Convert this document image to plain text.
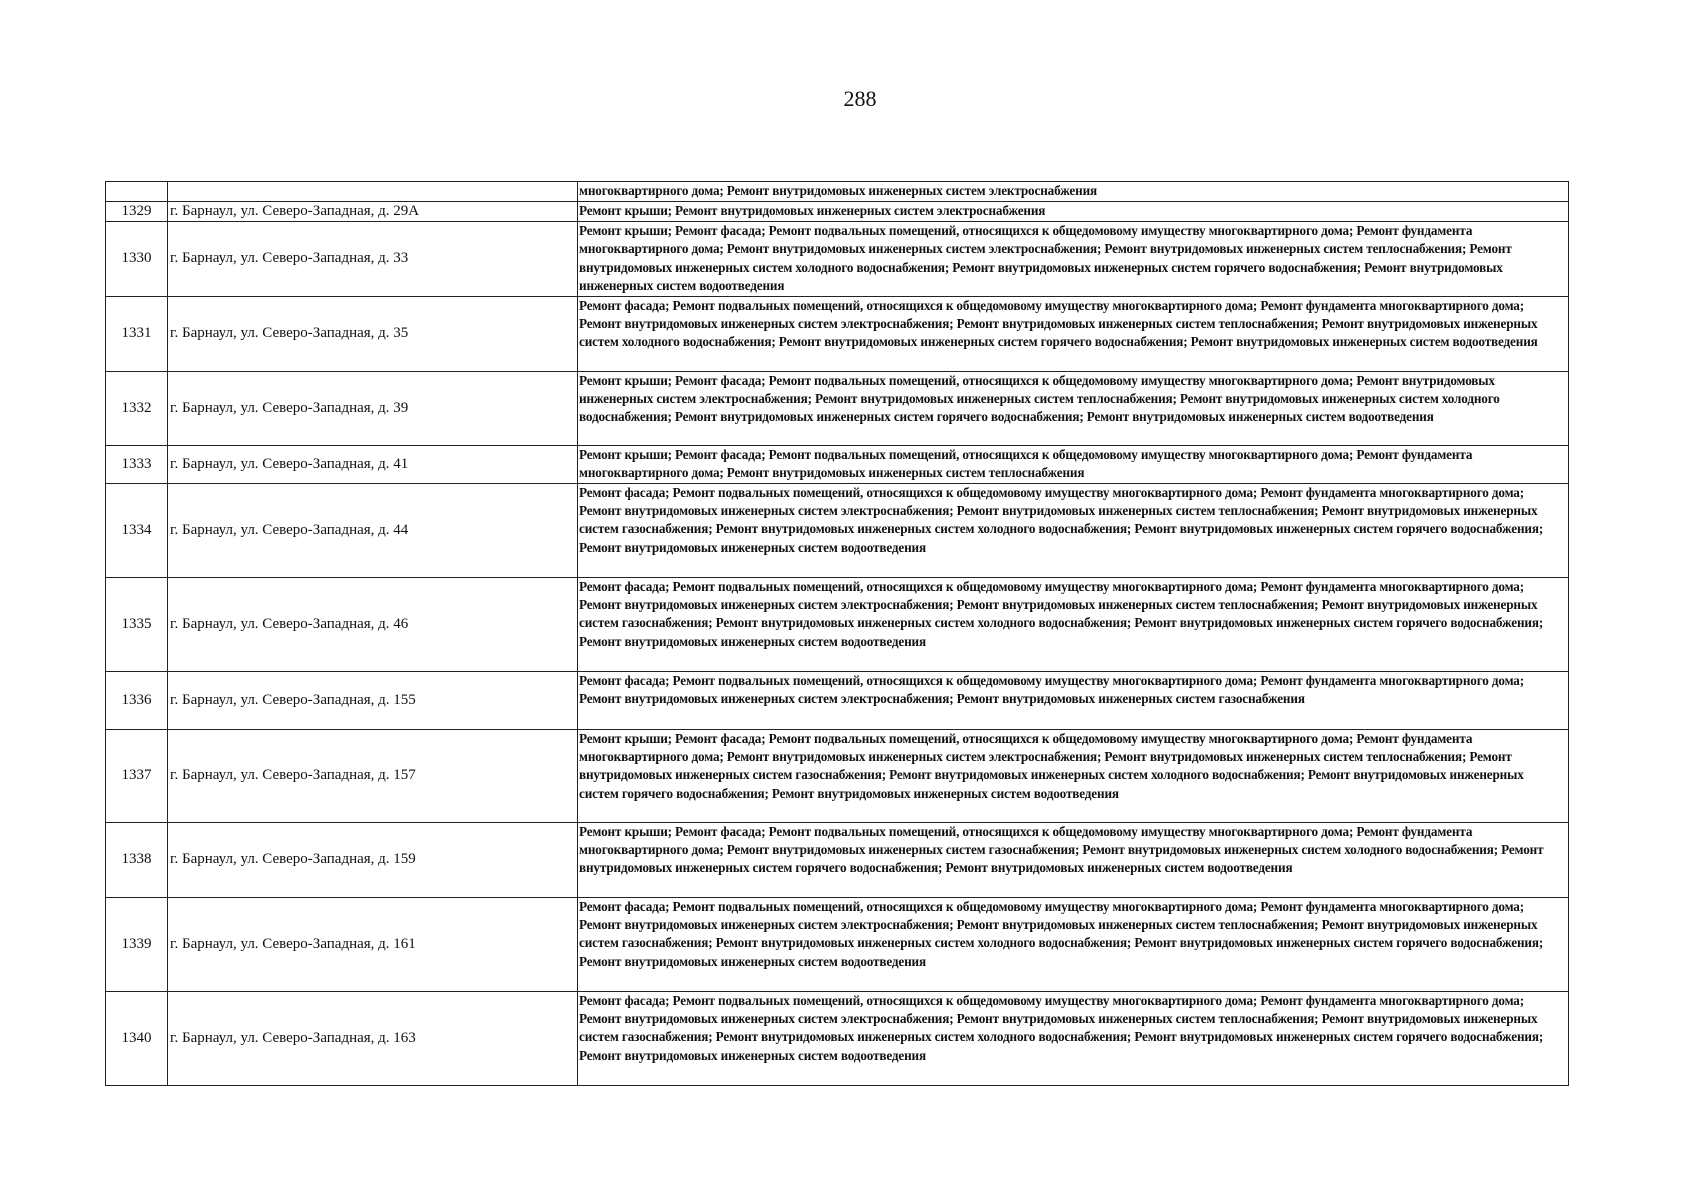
288
		многоквартирного дома; Ремонт внутридомовых инженерных систем электроснабжения
1329	г. Барнаул, ул. Северо-Западная, д. 29А	Ремонт крыши; Ремонт внутридомовых инженерных систем электроснабжения
1330	г. Барнаул, ул. Северо-Западная, д. 33	Ремонт крыши; Ремонт фасада; Ремонт подвальных помещений, относящихся к общедомовому имуществу многоквартирного дома; Ремонт фундамента многоквартирного дома; Ремонт внутридомовых инженерных систем электроснабжения; Ремонт внутридомовых инженерных систем теплоснабжения; Ремонт внутридомовых инженерных систем холодного водоснабжения; Ремонт внутридомовых инженерных систем горячего водоснабжения; Ремонт внутридомовых инженерных систем водоотведения
1331	г. Барнаул, ул. Северо-Западная, д. 35	Ремонт фасада; Ремонт подвальных помещений, относящихся к общедомовому имуществу многоквартирного дома; Ремонт фундамента многоквартирного дома; Ремонт внутридомовых инженерных систем электроснабжения; Ремонт внутридомовых инженерных систем теплоснабжения; Ремонт внутридомовых инженерных систем холодного водоснабжения; Ремонт внутридомовых инженерных систем горячего водоснабжения; Ремонт внутридомовых инженерных систем водоотведения
1332	г. Барнаул, ул. Северо-Западная, д. 39	Ремонт крыши; Ремонт фасада; Ремонт подвальных помещений, относящихся к общедомовому имуществу многоквартирного дома; Ремонт внутридомовых инженерных систем электроснабжения; Ремонт внутридомовых инженерных систем теплоснабжения; Ремонт внутридомовых инженерных систем холодного водоснабжения; Ремонт внутридомовых инженерных систем горячего водоснабжения; Ремонт внутридомовых инженерных систем водоотведения
1333	г. Барнаул, ул. Северо-Западная, д. 41	Ремонт крыши; Ремонт фасада; Ремонт подвальных помещений, относящихся к общедомовому имуществу многоквартирного дома; Ремонт фундамента многоквартирного дома; Ремонт внутридомовых инженерных систем теплоснабжения
1334	г. Барнаул, ул. Северо-Западная, д. 44	Ремонт фасада; Ремонт подвальных помещений, относящихся к общедомовому имуществу многоквартирного дома; Ремонт фундамента многоквартирного дома; Ремонт внутридомовых инженерных систем электроснабжения; Ремонт внутридомовых инженерных систем теплоснабжения; Ремонт внутридомовых инженерных систем газоснабжения; Ремонт внутридомовых инженерных систем холодного водоснабжения; Ремонт внутридомовых инженерных систем горячего водоснабжения; Ремонт внутридомовых инженерных систем водоотведения
1335	г. Барнаул, ул. Северо-Западная, д. 46	Ремонт фасада; Ремонт подвальных помещений, относящихся к общедомовому имуществу многоквартирного дома; Ремонт фундамента многоквартирного дома; Ремонт внутридомовых инженерных систем электроснабжения; Ремонт внутридомовых инженерных систем теплоснабжения; Ремонт внутридомовых инженерных систем газоснабжения; Ремонт внутридомовых инженерных систем холодного водоснабжения; Ремонт внутридомовых инженерных систем горячего водоснабжения; Ремонт внутридомовых инженерных систем водоотведения
1336	г. Барнаул, ул. Северо-Западная, д. 155	Ремонт фасада; Ремонт подвальных помещений, относящихся к общедомовому имуществу многоквартирного дома; Ремонт фундамента многоквартирного дома; Ремонт внутридомовых инженерных систем электроснабжения; Ремонт внутридомовых инженерных систем газоснабжения
1337	г. Барнаул, ул. Северо-Западная, д. 157	Ремонт крыши; Ремонт фасада; Ремонт подвальных помещений, относящихся к общедомовому имуществу многоквартирного дома; Ремонт фундамента многоквартирного дома; Ремонт внутридомовых инженерных систем электроснабжения; Ремонт внутридомовых инженерных систем теплоснабжения; Ремонт внутридомовых инженерных систем газоснабжения; Ремонт внутридомовых инженерных систем холодного водоснабжения; Ремонт внутридомовых инженерных систем горячего водоснабжения; Ремонт внутридомовых инженерных систем водоотведения
1338	г. Барнаул, ул. Северо-Западная, д. 159	Ремонт крыши; Ремонт фасада; Ремонт подвальных помещений, относящихся к общедомовому имуществу многоквартирного дома; Ремонт фундамента многоквартирного дома; Ремонт внутридомовых инженерных систем газоснабжения; Ремонт внутридомовых инженерных систем холодного водоснабжения; Ремонт внутридомовых инженерных систем горячего водоснабжения; Ремонт внутридомовых инженерных систем водоотведения
1339	г. Барнаул, ул. Северо-Западная, д. 161	Ремонт фасада; Ремонт подвальных помещений, относящихся к общедомовому имуществу многоквартирного дома; Ремонт фундамента многоквартирного дома; Ремонт внутридомовых инженерных систем электроснабжения; Ремонт внутридомовых инженерных систем теплоснабжения; Ремонт внутридомовых инженерных систем газоснабжения; Ремонт внутридомовых инженерных систем холодного водоснабжения; Ремонт внутридомовых инженерных систем горячего водоснабжения; Ремонт внутридомовых инженерных систем водоотведения
1340	г. Барнаул, ул. Северо-Западная, д. 163	Ремонт фасада; Ремонт подвальных помещений, относящихся к общедомовому имуществу многоквартирного дома; Ремонт фундамента многоквартирного дома; Ремонт внутридомовых инженерных систем электроснабжения; Ремонт внутридомовых инженерных систем теплоснабжения; Ремонт внутридомовых инженерных систем газоснабжения; Ремонт внутридомовых инженерных систем холодного водоснабжения; Ремонт внутридомовых инженерных систем горячего водоснабжения; Ремонт внутридомовых инженерных систем водоотведения
